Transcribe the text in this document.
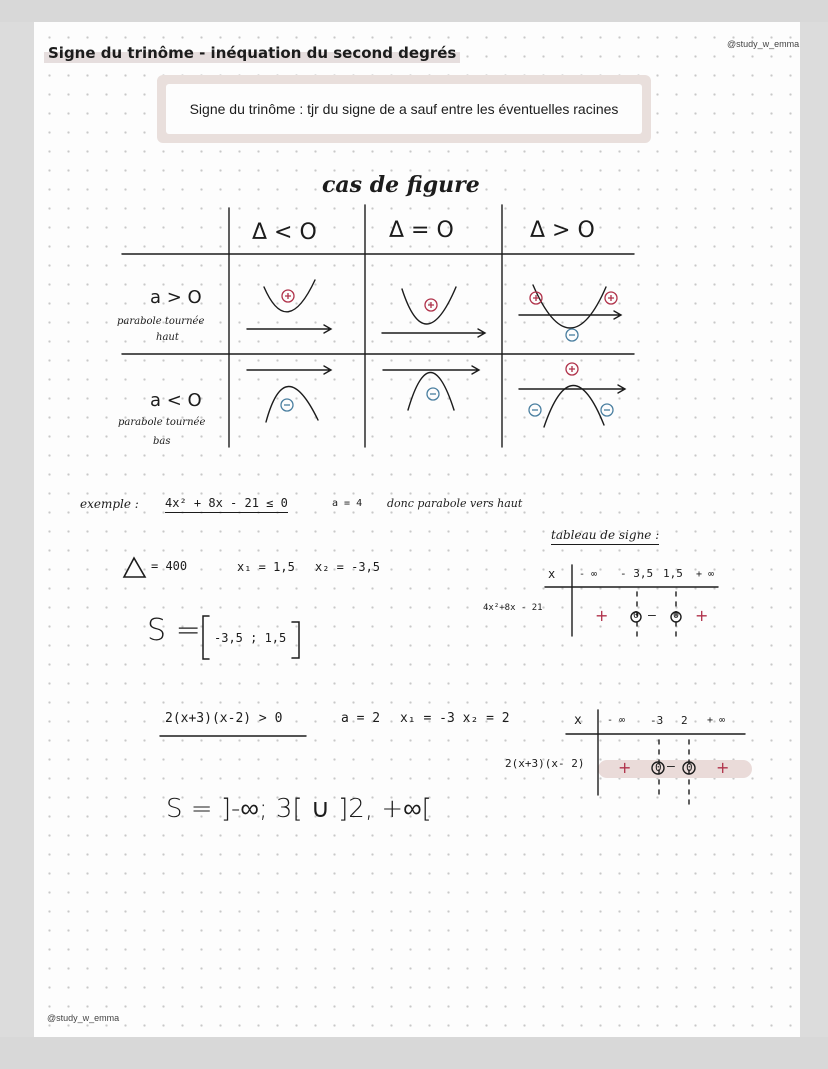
Signe du trinôme - inéquation du second degrés	@study_w_emma
@study_w_emma
Signe du trinôme : tjr du signe de a sauf entre les éventuelles racines
cas de figure
Δ < O	Δ = O	Δ > O
a > O
parabole tournée
haut
a < O
parabole tournée
bas
exemple : 4x² + 8x - 21 ≤ 0	a = 4 donc parabole vers haut
= 400	x₁ = 1,5 x₂ = -3,5
S = -3,5 ; 1,5
tableau de signe :
x - ∞ - 3,5 1,5 + ∞
4x²+8x - 21	+ 0 — 0 +
2(x+3)(x-2) > 0	a = 2 x₁ = -3 x₂ = 2
S = ]-∞; 3[ ∪ ]2, +∞[
x	- ∞ -3 2 + ∞
2(x+3)(x- 2) + 0 — 0 +
